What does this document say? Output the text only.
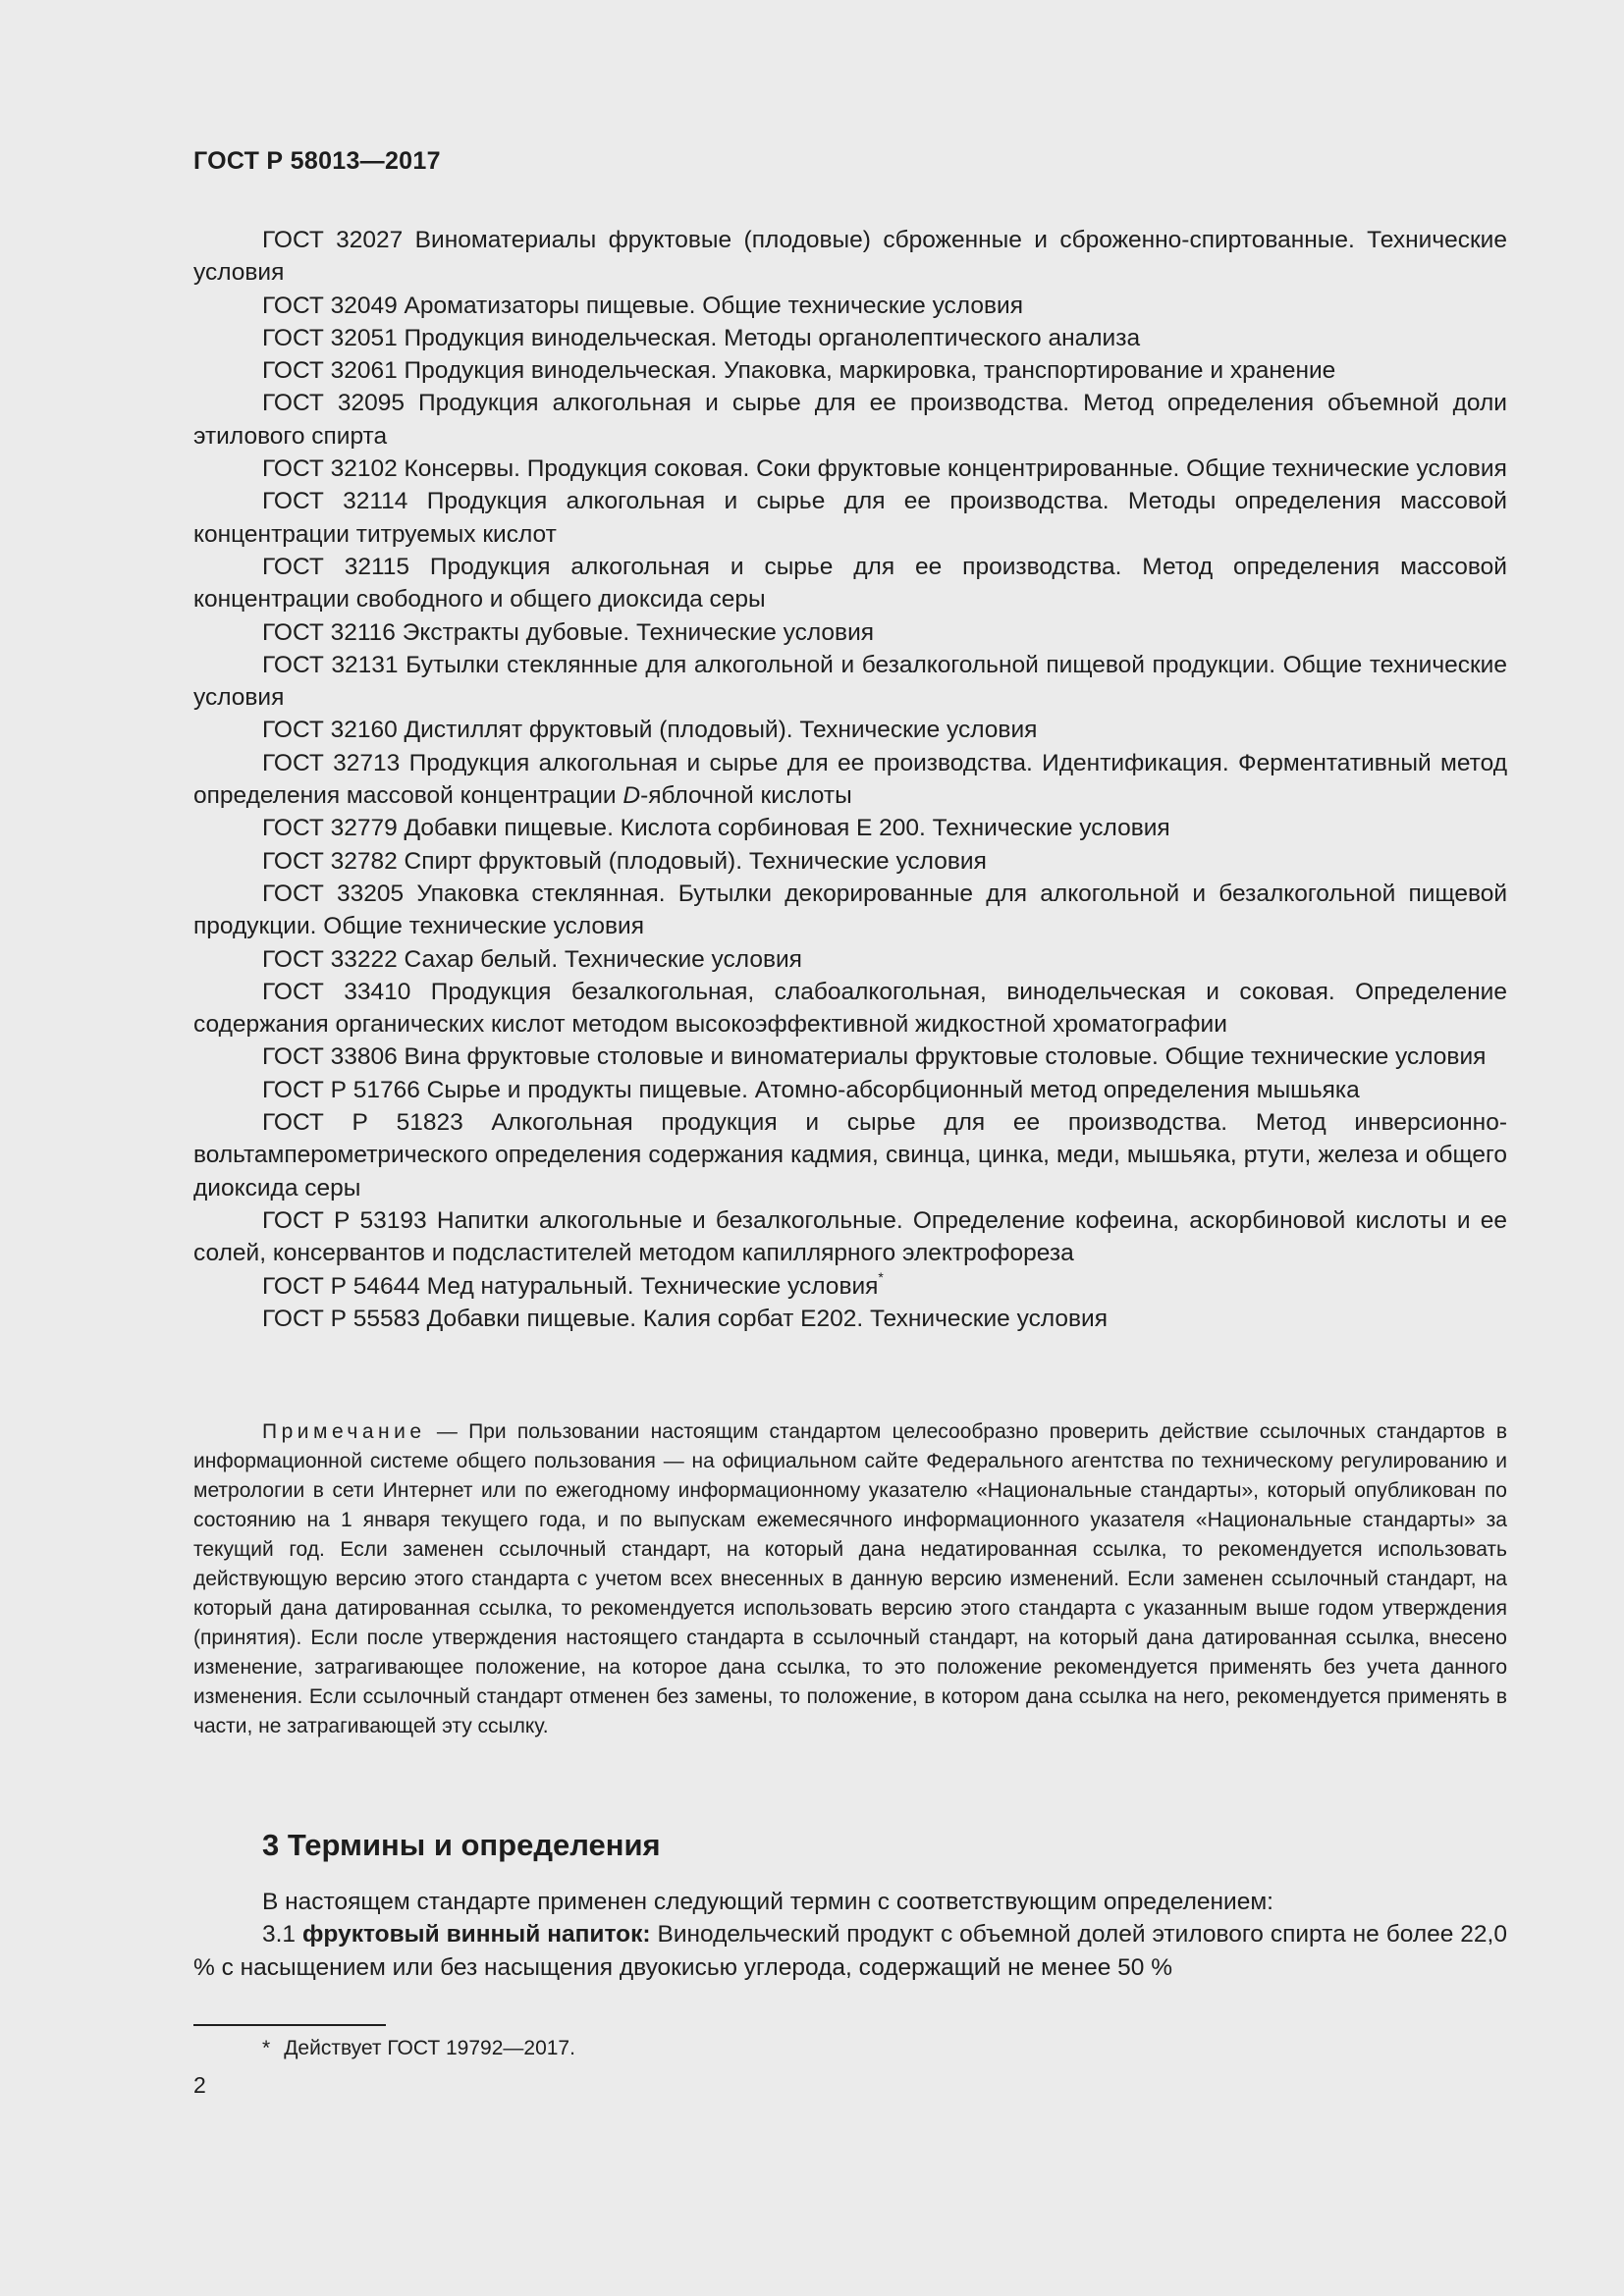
ГОСТ Р 58013—2017

ГОСТ 32027 Виноматериалы фруктовые (плодовые) сброженные и сброженно-спиртованные. Технические условия

ГОСТ 32049 Ароматизаторы пищевые. Общие технические условия

ГОСТ 32051 Продукция винодельческая. Методы органолептического анализа

ГОСТ 32061 Продукция винодельческая. Упаковка, маркировка, транспортирование и хранение

ГОСТ 32095 Продукция алкогольная и сырье для ее производства. Метод определения объемной доли этилового спирта

ГОСТ 32102 Консервы. Продукция соковая. Соки фруктовые концентрированные. Общие технические условия

ГОСТ 32114 Продукция алкогольная и сырье для ее производства. Методы определения массовой концентрации титруемых кислот

ГОСТ 32115 Продукция алкогольная и сырье для ее производства. Метод определения массовой концентрации свободного и общего диоксида серы

ГОСТ 32116 Экстракты дубовые. Технические условия

ГОСТ 32131 Бутылки стеклянные для алкогольной и безалкогольной пищевой продукции. Общие технические условия

ГОСТ 32160 Дистиллят фруктовый (плодовый). Технические условия

ГОСТ 32713 Продукция алкогольная и сырье для ее производства. Идентификация. Ферментативный метод определения массовой концентрации D-яблочной кислоты

ГОСТ 32779 Добавки пищевые. Кислота сорбиновая Е 200. Технические условия

ГОСТ 32782 Спирт фруктовый (плодовый). Технические условия

ГОСТ 33205 Упаковка стеклянная. Бутылки декорированные для алкогольной и безалкогольной пищевой продукции. Общие технические условия

ГОСТ 33222 Сахар белый. Технические условия

ГОСТ 33410 Продукция безалкогольная, слабоалкогольная, винодельческая и соковая. Определение содержания органических кислот методом высокоэффективной жидкостной хроматографии

ГОСТ 33806 Вина фруктовые столовые и виноматериалы фруктовые столовые. Общие технические условия

ГОСТ Р 51766 Сырье и продукты пищевые. Атомно-абсорбционный метод определения мышьяка

ГОСТ Р 51823 Алкогольная продукция и сырье для ее производства. Метод инверсионно-вольтамперометрического определения содержания кадмия, свинца, цинка, меди, мышьяка, ртути, железа и общего диоксида серы

ГОСТ Р 53193 Напитки алкогольные и безалкогольные. Определение кофеина, аскорбиновой кислоты и ее солей, консервантов и подсластителей методом капиллярного электрофореза

ГОСТ Р 54644 Мед натуральный. Технические условия*

ГОСТ Р 55583 Добавки пищевые. Калия сорбат Е202. Технические условия

Примечание — При пользовании настоящим стандартом целесообразно проверить действие ссылочных стандартов в информационной системе общего пользования — на официальном сайте Федерального агентства по техническому регулированию и метрологии в сети Интернет или по ежегодному информационному указателю «Национальные стандарты», который опубликован по состоянию на 1 января текущего года, и по выпускам ежемесячного информационного указателя «Национальные стандарты» за текущий год. Если заменен ссылочный стандарт, на который дана недатированная ссылка, то рекомендуется использовать действующую версию этого стандарта с учетом всех внесенных в данную версию изменений. Если заменен ссылочный стандарт, на который дана датированная ссылка, то рекомендуется использовать версию этого стандарта с указанным выше годом утверждения (принятия). Если после утверждения настоящего стандарта в ссылочный стандарт, на который дана датированная ссылка, внесено изменение, затрагивающее положение, на которое дана ссылка, то это положение рекомендуется применять без учета данного изменения. Если ссылочный стандарт отменен без замены, то положение, в котором дана ссылка на него, рекомендуется применять в части, не затрагивающей эту ссылку.

3 Термины и определения

В настоящем стандарте применен следующий термин с соответствующим определением:

3.1 фруктовый винный напиток: Винодельческий продукт с объемной долей этилового спирта не более 22,0 % с насыщением или без насыщения двуокисью углерода, содержащий не менее 50 %

* Действует ГОСТ 19792—2017.

2
